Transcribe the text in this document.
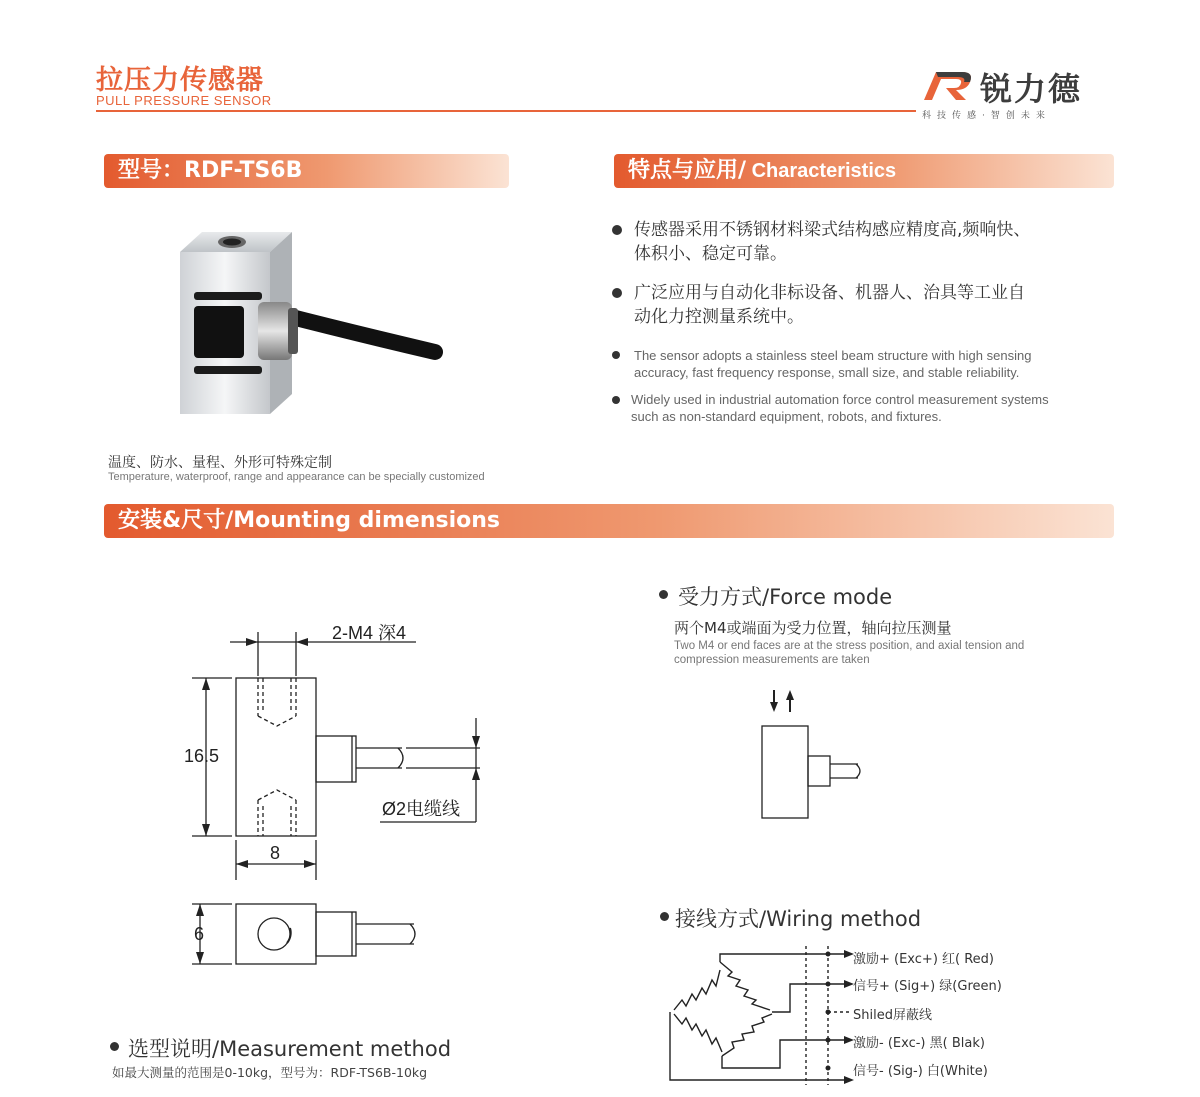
拉压力传感器
PULL PRESSURE SENSOR	锐力德
科技传感·智创未来
型号：RDF-TS6B
温度、防水、量程、外形可特殊定制
Temperature, waterproof, range and appearance can be specially customized
特点与应用/ Characteristics
传感器采用不锈钢材料梁式结构感应精度高,频响快、
体积小、稳定可靠。
广泛应用与自动化非标设备、机器人、治具等工业自
动化力控测量系统中。
The sensor adopts a stainless steel beam structure with high sensing
accuracy, fast frequency response, small size, and stable reliability.
Widely used in industrial automation force control measurement systems
such as non-standard equipment, robots, and fixtures.
安装&尺寸/Mounting dimensions
2-M4 深4
16.5
8
6
Ø2电缆线
受力方式/Force mode
两个M4或端面为受力位置，轴向拉压测量
Two M4 or end faces are at the stress position, and axial tension and
compression measurements are taken
接线方式/Wiring method
激励+ (Exc+) 红( Red)
信号+ (Sig+) 绿(Green)
Shiled屏蔽线
激励- (Exc-) 黑( Blak)
信号- (Sig-) 白(White)
选型说明/Measurement method
如最大测量的范围是0-10kg，型号为：RDF-TS6B-10kg
